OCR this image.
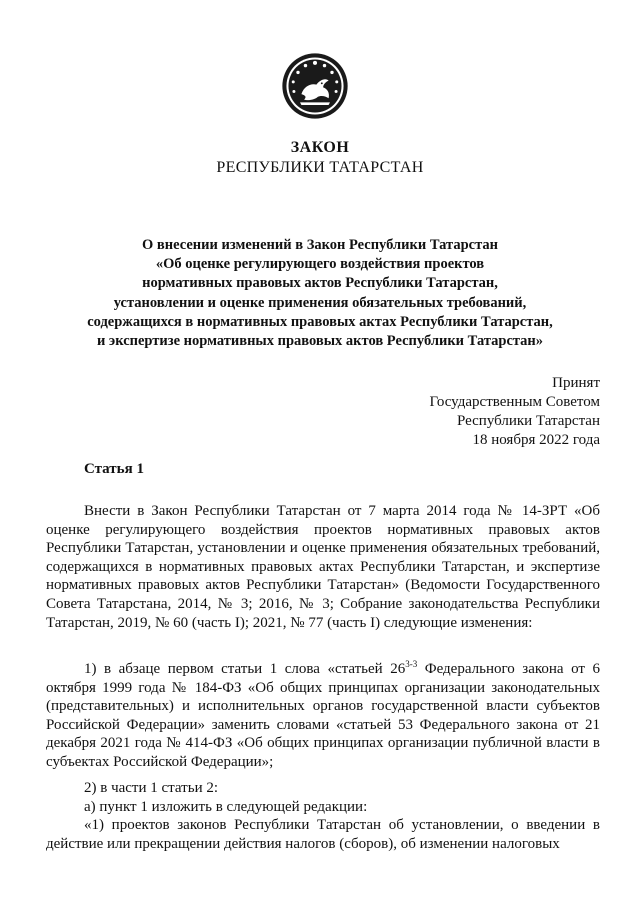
ЗАКОН
РЕСПУБЛИКИ ТАТАРСТАН
О внесении изменений в Закон Республики Татарстан
«Об оценке регулирующего воздействия проектов
нормативных правовых актов Республики Татарстан,
установлении и оценке применения обязательных требований,
содержащихся в нормативных правовых актах Республики Татарстан,
и экспертизе нормативных правовых актов Республики Татарстан»
Принят
Государственным Советом
Республики Татарстан
18 ноября 2022 года
Статья 1

Внести в Закон Республики Татарстан от 7 марта 2014 года № 14-ЗРТ «Об оценке регулирующего воздействия проектов нормативных правовых актов Республики Татарстан, установлении и оценке применения обязательных требований, содержащихся в нормативных правовых актах Республики Татарстан, и экспертизе нормативных правовых актов Республики Татарстан» (Ведомости Государственного Совета Татарстана, 2014, № 3; 2016, № 3; Собрание законодательства Республики Татарстан, 2019, № 60 (часть I); 2021, № 77 (часть I) следующие изменения:

1) в абзаце первом статьи 1 слова «статьей 26$^{3-3}$ Федерального закона от 6 октября 1999 года № 184-ФЗ «Об общих принципах организации законодательных (представительных) и исполнительных органов государственной власти субъектов Российской Федерации» заменить словами «статьей 53 Федерального закона от 21 декабря 2021 года № 414-ФЗ «Об общих принципах организации публичной власти в субъектах Российской Федерации»;

2) в части 1 статьи 2:

а) пункт 1 изложить в следующей редакции:

«1) проектов законов Республики Татарстан об установлении, о введении в действие или прекращении действия налогов (сборов), об изменении налоговых
